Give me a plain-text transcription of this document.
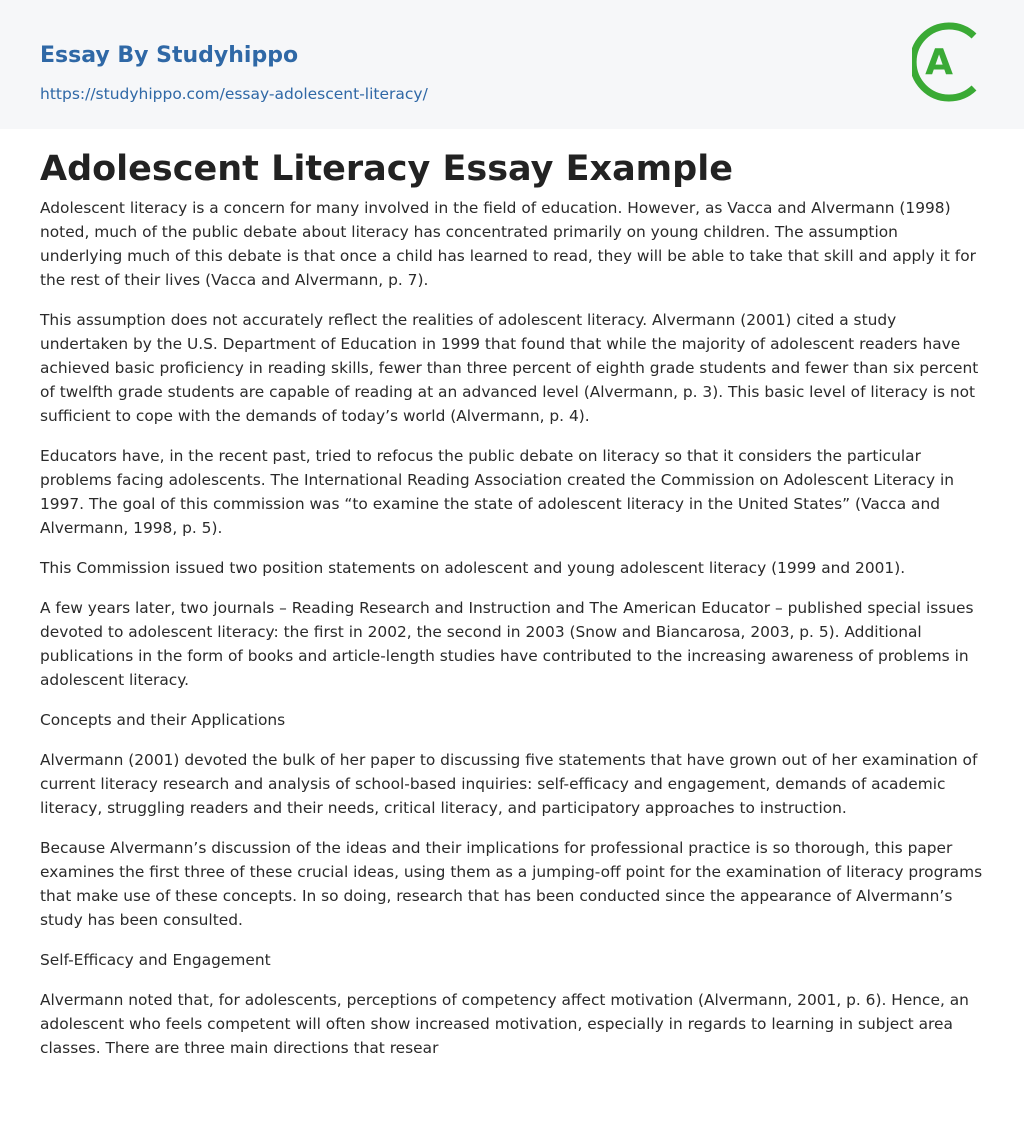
Essay By Studyhippo
https://studyhippo.com/essay-adolescent-literacy/
A
Adolescent Literacy Essay Example

Adolescent literacy is a concern for many involved in the field of education. However, as Vacca and Alvermann (1998) noted, much of the public debate about literacy has concentrated primarily on young children. The assumption underlying much of this debate is that once a child has learned to read, they will be able to take that skill and apply it for the rest of their lives (Vacca and Alvermann, p. 7).

This assumption does not accurately reflect the realities of adolescent literacy. Alvermann (2001) cited a study undertaken by the U.S. Department of Education in 1999 that found that while the majority of adolescent readers have achieved basic proficiency in reading skills, fewer than three percent of eighth grade students and fewer than six percent of twelfth grade students are capable of reading at an advanced level (Alvermann, p. 3). This basic level of literacy is not sufficient to cope with the demands of today’s world (Alvermann, p. 4).

Educators have, in the recent past, tried to refocus the public debate on literacy so that it considers the particular problems facing adolescents. The International Reading Association created the Commission on Adolescent Literacy in 1997. The goal of this commission was “to examine the state of adolescent literacy in the United States” (Vacca and Alvermann, 1998, p. 5).

This Commission issued two position statements on adolescent and young adolescent literacy (1999 and 2001).

A few years later, two journals – Reading Research and Instruction and The American Educator – published special issues devoted to adolescent literacy: the first in 2002, the second in 2003 (Snow and Biancarosa, 2003, p. 5). Additional publications in the form of books and article-length studies have contributed to the increasing awareness of problems in adolescent literacy.

Concepts and their Applications

Alvermann (2001) devoted the bulk of her paper to discussing five statements that have grown out of her examination of current literacy research and analysis of school-based inquiries: self-efficacy and engagement, demands of academic literacy, struggling readers and their needs, critical literacy, and participatory approaches to instruction.

Because Alvermann’s discussion of the ideas and their implications for professional practice is so thorough, this paper examines the first three of these crucial ideas, using them as a jumping-off point for the examination of literacy programs that make use of these concepts. In so doing, research that has been conducted since the appearance of Alvermann’s study has been consulted.

Self-Efficacy and Engagement

Alvermann noted that, for adolescents, perceptions of competency affect motivation (Alvermann, 2001, p. 6). Hence, an adolescent who feels competent will often show increased motivation, especially in regards to learning in subject area classes. There are three main directions that resear
